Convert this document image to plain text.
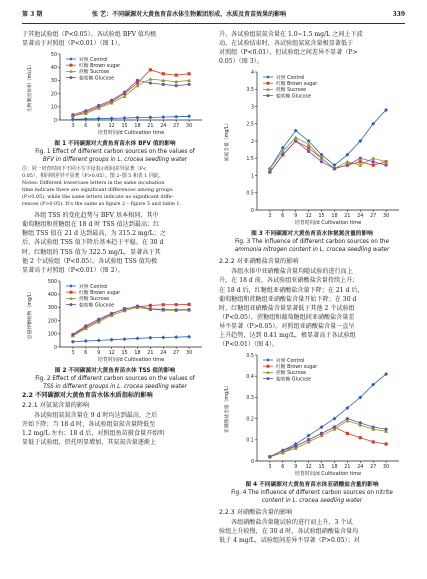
第 3 期	张 艺：不同碳源对大黄鱼育苗水体生物絮团形成、水质及育苗效果的影响	339

于其他试验组（P<0.05）。各试验组 BFV 值均极

显著高于对照组（P<0.01）（图 1）。

0
10
20
30
40
50
3 6 9 12 15 18 21 24 27 30
培育时间/d Cultivation time
生物絮团体积（mL/L）
对照 Control
红糖 Brown sugar
蔗糖 Sucrose
葡萄糖 Glucose
图 1 不同碳源对大黄鱼育苗水体 BFV 值的影响
Fig. 1 Effect of different carbon sources on the values of
BFV in different groups in L. crocea seedling water
注：同一培育时间下不同小写字母表示组间差异显著（P<
0.05），相同则差异不显著（P>0.05）。图 2–图 5 和表 1 同此。
Notes: Different lowercase letters in the same incubation
time indicate there are significant differences among groups
(P<0.05), while the same letters indicate no significant diffe-
rences (P>0.05). It's the same as figure 2 – figure 5 and table 1.

各组 TSS 的变化趋势与 BFV 基本相同，其中

葡萄糖组和蔗糖组在 18 d 时 TSS 值达到最高；红

糖组 TSS 值在 21 d 达到最高，为 315.2 mg/L；之

后，各试验组 TSS 值下降后基本趋于平稳。在 30 d

时，红糖组的 TSS 值为 322.5 mg/L，显著高于其

他 2 个试验组（P<0.05）。各试验组 TSS 值均极

显著高于对照组（P<0.01）（图 2）。

0
100
200
300
400
500
3 6 9 12 15 18 21 24 27 30
培育时间/d Cultivation time
总悬浮颗粒物（mg/L）
对照 Control
红糖 Brown sugar
蔗糖 Sucrose
葡萄糖 Glucose
图 2 不同碳源对大黄鱼育苗水体 TSS 值的影响
Fig. 2 Effect of different carbon sources on the values of
TSS in different groups in L. crocea seedling water
2.2 不同碳源对大黄鱼育苗水体水质指标的影响
2.2.1 对氨氮含量的影响

各试验组氨氮含量在 9 d 时均达到最高，之后

开始下降；当 18 d 时，各试验组氨氮含量降低至

1.2 mg/L 左右；18 d 后，对照组鱼苗摄食量开始明

显低于试验组，摂托明显增加，其氨氮含量逐渐上

升，各试验组氨氮含量在 1.0~1.5 mg/L 之间上下波

动。在试验结束时，各试验组氨氮含量极显著低于

对照组（P<0.01），但试验组之间差异不显著（P>

0.05）（图 3）。

0
0.5
1
1.5
2
2.5
3
3.5
4
3 6 9 12 15 18 21 24 27 30
培育时间/d Cultivation time
氨氮含量（mg/L）
对照 Control
红糖 Brown sugar
蔗糖 Sucrose
葡萄糖 Glucose
图 3 不同碳源对大黄鱼育苗水体氨氮含量的影响
Fig. 3 The influence of different carbon sources on the
ammonia nitrogen content in L. crocea seedling water
2.2.2 对亚硝酸盐含量的影响

各组水体中亚硝酸盐含量均随试验的进行而上

升，在 18 d 前，各试验组亚硝酸盐含量持续上升；

在 18 d 后，红糖组亚硝酸盐含量下降；在 21 d 后，

葡萄糖组和蔗糖组亚硝酸盐含量开始下降；在 30 d

时，红糖组亚硝酸盐含量显著低于其他 2 个试验组

（P<0.05），蔗糖组和葡萄糖组间亚硝酸盐含量差

异不显著（P>0.05）。对照组亚硝酸盐含量一直呈

上升趋势，达到 0.41 mg/L，极显著高于各试验组

（P<0.01）（图 4）。

0
0.1
0.2
0.3
0.4
0.5
3 6 9 12 15 18 21 24 27 30
培育时间/d Cultivation time
亚硝酸盐含量（mg/L）
对照 Control
红糖 Brown sugar
蔗糖 Sucrose
葡萄糖 Glucose
图 4 不同碳源对大黄鱼育苗水体亚硝酸盐含量的影响
Fig. 4 The influence of different carbon sources on nitrite
content in L. crocea seedling water
2.2.3 对硝酸盐含量的影响

各组硝酸盐含量随试验的进行而上升，3 个试

验组上升较慢，在 30 d 时，各试验组硝酸盐含量均

低于 4 mg/L，试验组间差异不显著（P>0.05）；对
